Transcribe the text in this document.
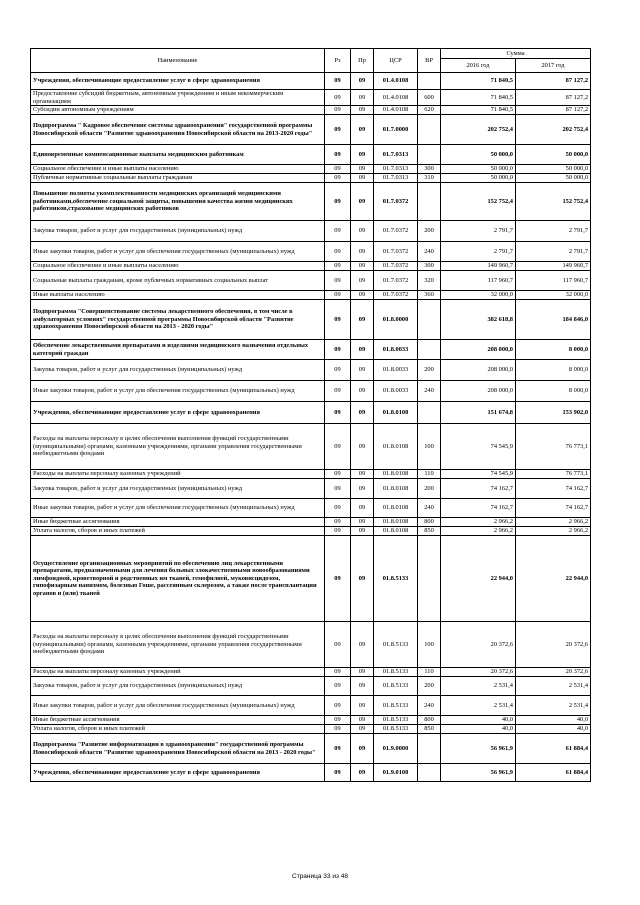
Наименование	Рз	Пр	ЦСР	ВР	Сумма	
					2016 год	2017 год
Учреждения, обеспечивающие предоставление услуг в сфере здравоохранения	09	09	01.4.0108		71 840,5	87 127,2
Предоставление субсидий бюджетным, автономным учреждениям и иным некоммерческим организациям	09	09	01.4.0108	600	71 840,5	87 127,2
Субсидии автономным учреждениям	09	09	01.4.0108	620	71 840,5	87 127,2
Подпрограмма " Кадровое обеспечение системы здравоохранения" государственной программы Новосибирской области "Развитие здравоохранения Новосибирской области на 2013-2020 годы"	09	09	01.7.0000		202 752,4	202 752,4
Единовременные компенсационные выплаты медицинским работникам	09	09	01.7.0313		50 000,0	50 000,0
Социальное обеспечение и иные выплаты населению	09	09	01.7.0313	300	50 000,0	50 000,0
Публичные нормативные социальные выплаты гражданам	09	09	01.7.0313	310	50 000,0	50 000,0
Повышение полноты укомплектованности медицинских организаций медицинскими работниками,обеспечение социальной защиты, повышения качества жизни медицинских работников,страхование медицинских работников	09	09	01.7.0372		152 752,4	152 752,4
Закупка товаров, работ и услуг для государственных (муниципальных) нужд	09	09	01.7.0372	200	2 791,7	2 791,7
Иные закупки товаров, работ и услуг для обеспечения государственных (муниципальных) нужд	09	09	01.7.0372	240	2 791,7	2 791,7
Социальное обеспечение и иные выплаты населению	09	09	01.7.0372	300	149 960,7	149 960,7
Социальные выплаты гражданам, кроме публичных нормативных социальных выплат	09	09	01.7.0372	320	117 960,7	117 960,7
Иные выплаты населению	09	09	01.7.0372	360	32 000,0	32 000,0
Подпрограмма "Совершенствование системы лекарственного обеспечения, в том числе в амбулаторных условиях" государственной программы Новосибирской области "Развитие здравоохранения Новосибирской области на 2013 - 2020 годы"	09	09	01.8.0000		382 618,8	184 846,0
Обеспечение лекарственными препаратами и изделиями медицинского назначения отдельных категорий граждан	09	09	01.8.0033		208 000,0	8 000,0
Закупка товаров, работ и услуг для государственных (муниципальных) нужд	09	09	01.8.0033	200	208 000,0	8 000,0
Иные закупки товаров, работ и услуг для обеспечения государственных (муниципальных) нужд	09	09	01.8.0033	240	208 000,0	8 000,0
Учреждения, обеспечивающие предоставление услуг в сфере здравоохранения	09	09	01.8.0108		151 674,8	153 902,0
Расходы на выплаты персоналу в целях обеспечения выполнения функций государственными (муниципальными) органами, казенными учреждениями, органами управления государственными внебюджетными фондами	09	09	01.8.0108	100	74 545,9	76 773,1
Расходы на выплаты персоналу казенных учреждений	09	09	01.8.0108	110	74 545,9	76 773,1
Закупка товаров, работ и услуг для государственных (муниципальных) нужд	09	09	01.8.0108	200	74 162,7	74 162,7
Иные закупки товаров, работ и услуг для обеспечения государственных (муниципальных) нужд	09	09	01.8.0108	240	74 162,7	74 162,7
Иные бюджетные ассигнования	09	09	01.8.0108	800	2 966,2	2 966,2
Уплата налогов, сборов и иных платежей	09	09	01.8.0108	850	2 966,2	2 966,2
Осуществление организационных мероприятий по обеспечению лиц лекарственными препаратами, предназначенными для лечения больных злокачественными новообразованиями лимфоидной, кроветворной и родственных им тканей, гемофилией, муковисцидозом, гипофизарным нанизмом, болезнью Гоше, рассеянным склерозом, а также после трансплантации органов и (или) тканей	09	09	01.8.5133		22 944,0	22 944,0
Расходы на выплаты персоналу в целях обеспечения выполнения функций государственными (муниципальными) органами, казенными учреждениями, органами управления государственными внебюджетными фондами	09	09	01.8.5133	100	20 372,6	20 372,6
Расходы на выплаты персоналу казенных учреждений	09	09	01.8.5133	110	20 372,6	20 372,6
Закупка товаров, работ и услуг для государственных (муниципальных) нужд	09	09	01.8.5133	200	2 531,4	2 531,4
Иные закупки товаров, работ и услуг для обеспечения государственных (муниципальных) нужд	09	09	01.8.5133	240	2 531,4	2 531,4
Иные бюджетные ассигнования	09	09	01.8.5133	800	40,0	40,0
Уплата налогов, сборов и иных платежей	09	09	01.8.5133	850	40,0	40,0
Подпрограмма "Развитие информатизации в здравоохранении" государственной программы Новосибирской области "Развитие здравоохранения Новосибирской области на 2013 - 2020 годы"	09	09	01.9.0000		56 961,9	61 884,4
Учреждения, обеспечивающие предоставление услуг в сфере здравоохранения	09	09	01.9.0108		56 961,9	61 884,4
Страница 33 из 48
